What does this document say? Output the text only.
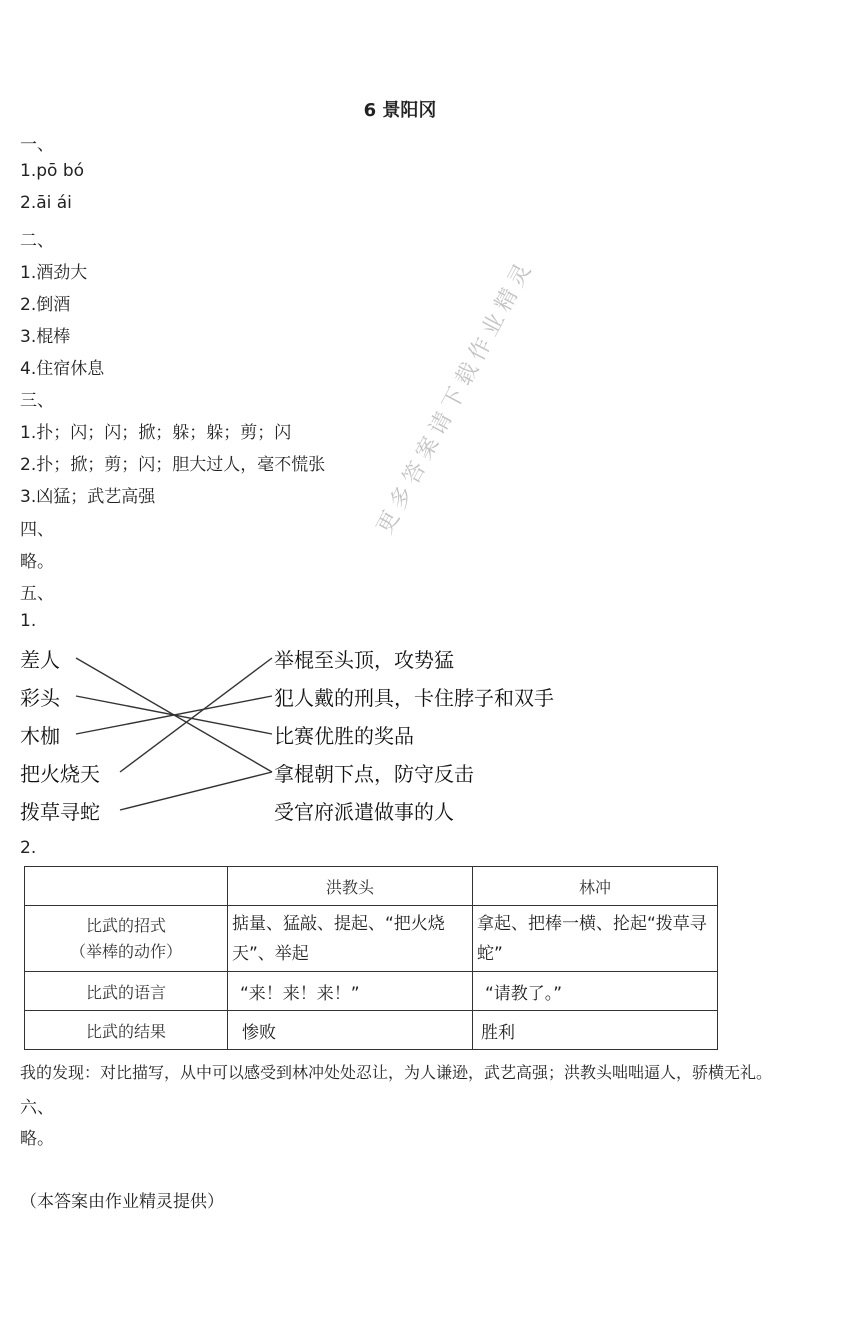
6 景阳冈
更多答案请下载作业精灵
一、
1.pō bó
2.āi ái
二、
1.酒劲大
2.倒酒
3.棍棒
4.住宿休息
三、
1.扑；闪；闪；掀；躲；躲；剪；闪
2.扑；掀；剪；闪；胆大过人，毫不慌张
3.凶猛；武艺高强
四、
略。
五、
1.
差人
彩头
木枷
把火烧天
拨草寻蛇
举棍至头顶，攻势猛
犯人戴的刑具，卡住脖子和双手
比赛优胜的奖品
拿棍朝下点，防守反击
受官府派遣做事的人
2.
	洪教头	林冲
比武的招式
（举棒的动作）	掂量、猛敲、提起、“把火烧天”、举起	拿起、把棒一横、抡起“拨草寻蛇”
比武的语言	“来！来！来！”	“请教了。”
比武的结果	惨败	胜利
我的发现：对比描写，从中可以感受到林冲处处忍让，为人谦逊，武艺高强；洪教头咄咄逼人，骄横无礼。
六、
略。
（本答案由作业精灵提供）
